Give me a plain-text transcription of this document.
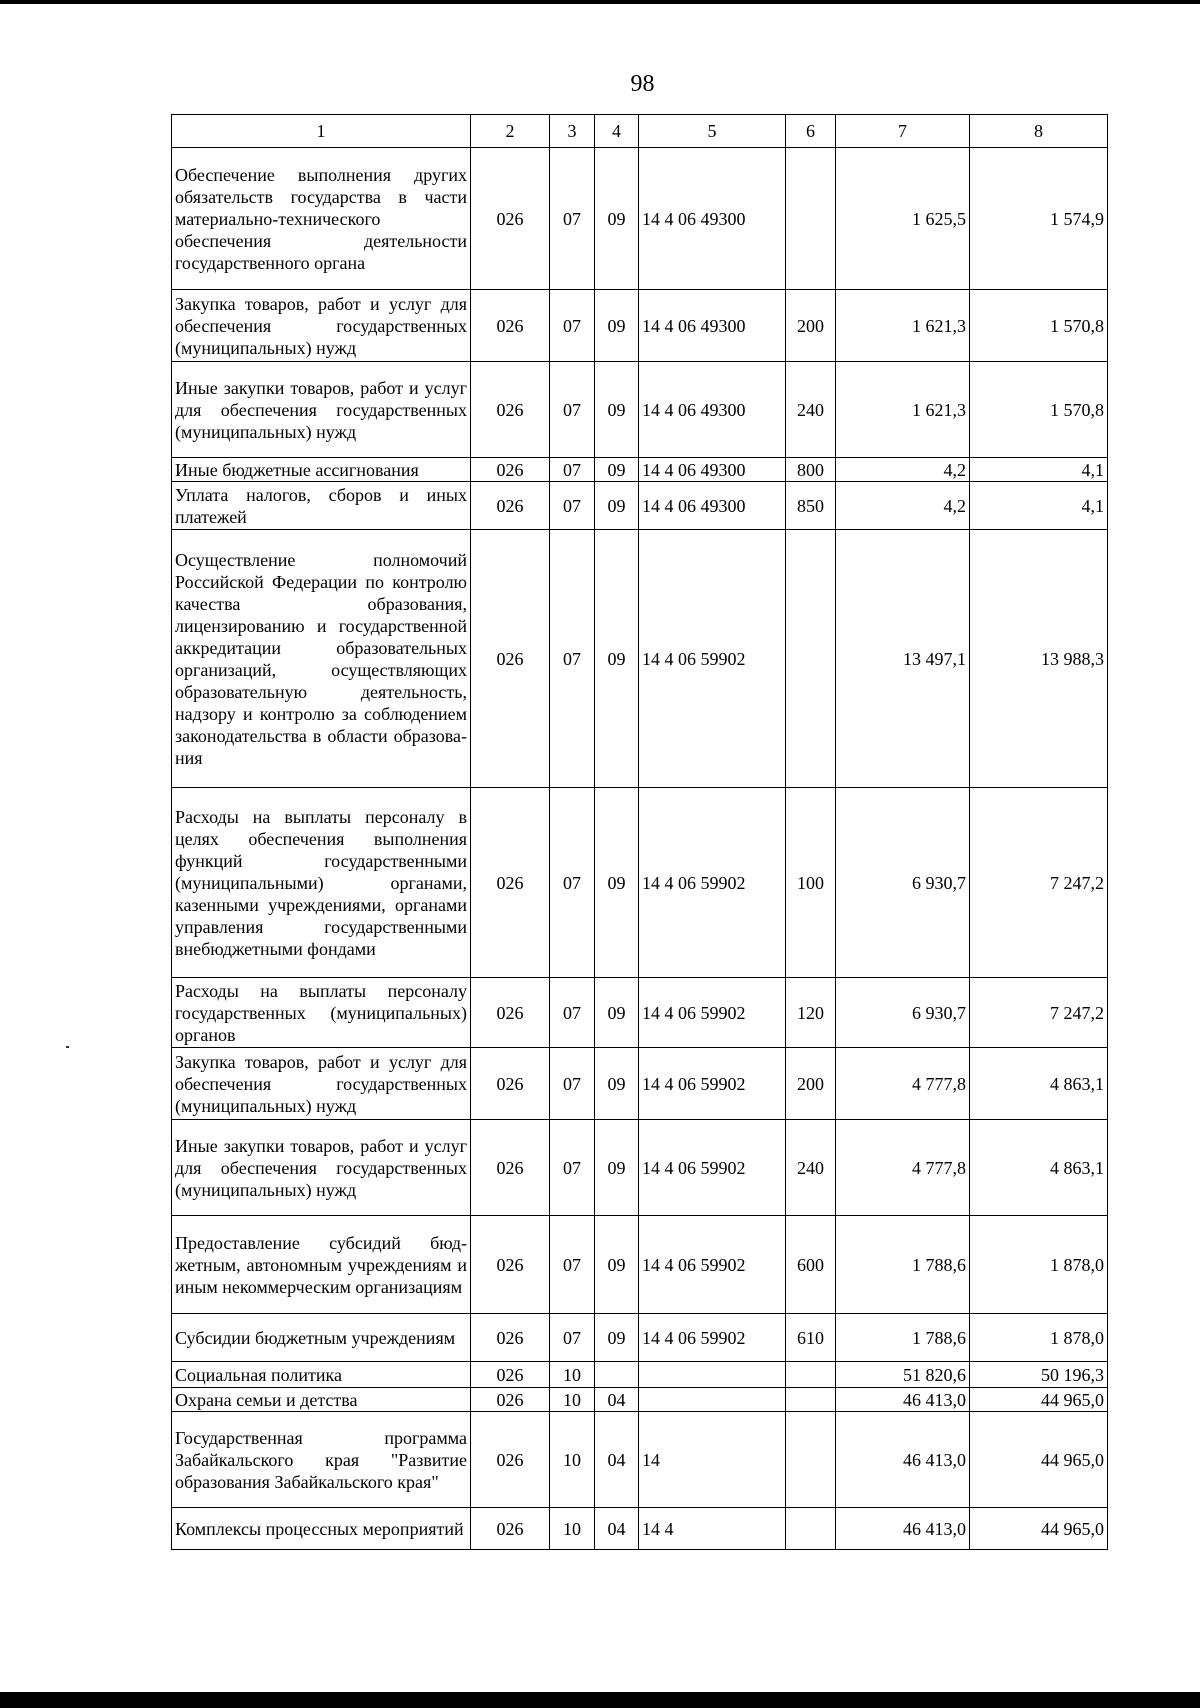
98
1	2	3	4	5	6	7	8
Обеспечение выполнения других обязательств государства в части материально-технического обеспечения деятельности государственного органа	026	07	09	14 4 06 49300		1 625,5	1 574,9
Закупка товаров, работ и услуг для обеспечения государственных (муниципальных) нужд	026	07	09	14 4 06 49300	200	1 621,3	1 570,8
Иные закупки товаров, работ и услуг для обеспечения государственных (муниципальных) нужд	026	07	09	14 4 06 49300	240	1 621,3	1 570,8
Иные бюджетные ассигнования	026	07	09	14 4 06 49300	800	4,2	4,1
Уплата налогов, сборов и иных платежей	026	07	09	14 4 06 49300	850	4,2	4,1
Осуществление полномочий Российской Федерации по контролю качества образования, лицензированию и государственной аккредитации образовательных организаций, осуществляющих образовательную деятельность, надзору и контролю за соблюдением законодательства в области образования	026	07	09	14 4 06 59902		13 497,1	13 988,3
Расходы на выплаты персоналу в целях обеспечения выполнения функций государственными (муниципальными) органами, казенными учреждениями, органами управления государственными внебюджетными фондами	026	07	09	14 4 06 59902	100	6 930,7	7 247,2
Расходы на выплаты персоналу государственных (муниципальных) органов	026	07	09	14 4 06 59902	120	6 930,7	7 247,2
Закупка товаров, работ и услуг для обеспечения государственных (муниципальных) нужд	026	07	09	14 4 06 59902	200	4 777,8	4 863,1
Иные закупки товаров, работ и услуг для обеспечения государственных (муниципальных) нужд	026	07	09	14 4 06 59902	240	4 777,8	4 863,1
Предоставление субсидий бюджетным, автономным учреждениям и иным некоммерческим организациям	026	07	09	14 4 06 59902	600	1 788,6	1 878,0
Субсидии бюджетным учреждениям	026	07	09	14 4 06 59902	610	1 788,6	1 878,0
Социальная политика	026	10				51 820,6	50 196,3
Охрана семьи и детства	026	10	04			46 413,0	44 965,0
Государственная программа Забайкальского края "Развитие образования Забайкальского края"	026	10	04	14		46 413,0	44 965,0
Комплексы процессных мероприятий	026	10	04	14 4		46 413,0	44 965,0
